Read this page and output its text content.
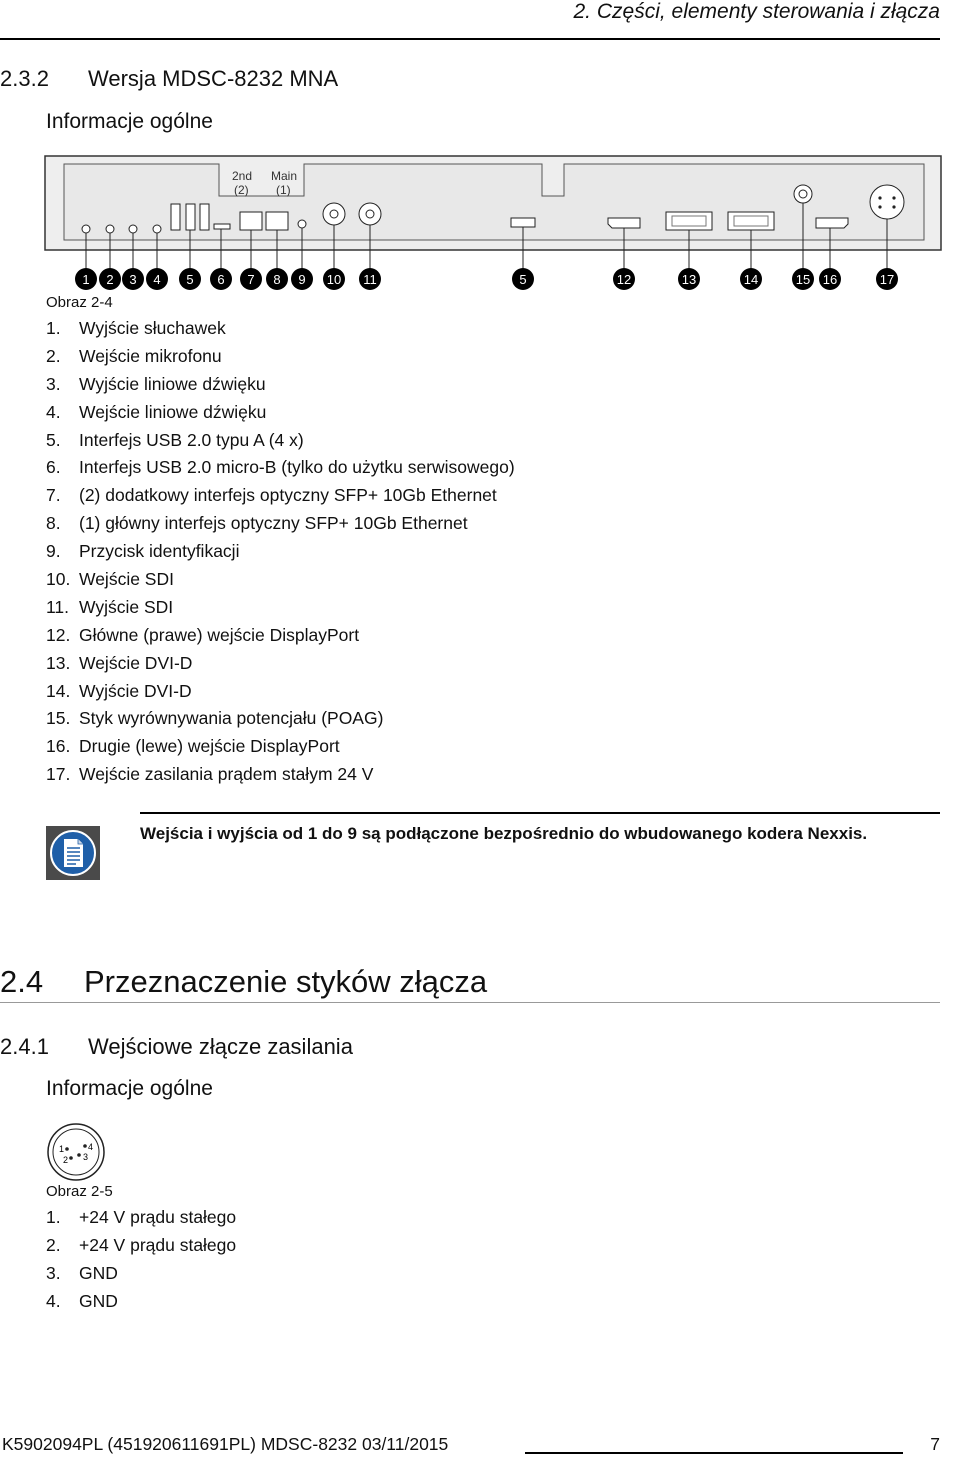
2. Części, elementy sterowania i złącza
2.3.2 Wersja MDSC-8232 MNA
Informacje ogólne
2nd
(2)
Main
(1)
1 2 3 4 5 6 7 8 9 10 11	5	12	13	14	15 16	17
Obraz 2-4
1. Wyjście słuchawek
2. Wejście mikrofonu
3. Wyjście liniowe dźwięku
4. Wejście liniowe dźwięku
5. Interfejs USB 2.0 typu A (4 x)
6. Interfejs USB 2.0 micro-B (tylko do użytku serwisowego)
7. (2) dodatkowy interfejs optyczny SFP+ 10Gb Ethernet
8. (1) główny interfejs optyczny SFP+ 10Gb Ethernet
9. Przycisk identyfikacji
10. Wejście SDI
11. Wyjście SDI
12. Główne (prawe) wejście DisplayPort
13. Wejście DVI-D
14. Wyjście DVI-D
15. Styk wyrównywania potencjału (POAG)
16. Drugie (lewe) wejście DisplayPort
17. Wejście zasilania prądem stałym 24 V
Wejścia i wyjścia od 1 do 9 są podłączone bezpośrednio do wbudowanego kodera Nexxis.
2.4 Przeznaczenie styków złącza
2.4.1 Wejściowe złącze zasilania
Informacje ogólne
1
2 3
4
Obraz 2-5
1. +24 V prądu stałego
2. +24 V prądu stałego
3. GND
4. GND
K5902094PL (451920611691PL) MDSC-8232 03/11/2015	7
